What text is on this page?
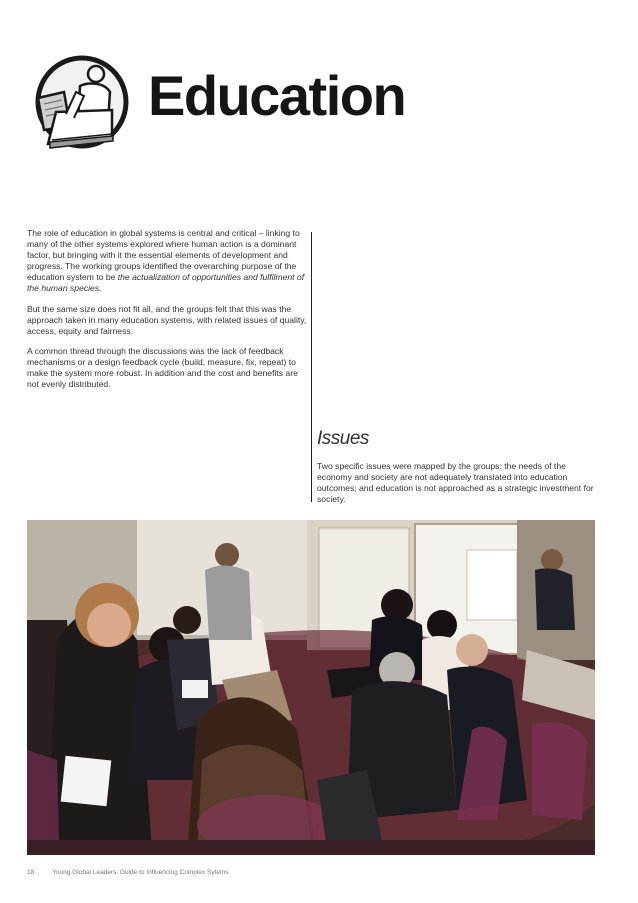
Education

The role of education in global systems is central and critical – linking to many of the other systems explored where human action is a dominant factor, but bringing with it the essential elements of development and progress. The working groups identified the overarching purpose of the education system to be the actualization of opportunities and fulfilment of the human species.

But the same size does not fit all, and the groups felt that this was the approach taken in many education systems, with related issues of quality, access, equity and fairness.

A common thread through the discussions was the lack of feedback mechanisms or a design feedback cycle (build, measure, fix, repeat) to make the system more robust. In addition and the cost and benefits are not evenly distributed.

Issues

Two specific issues were mapped by the groups: the needs of the economy and society are not adequately translated into education outcomes; and education is not approached as a strategic investment for society.

18	Young Global Leaders: Guide to Influencing Complex Sytems
